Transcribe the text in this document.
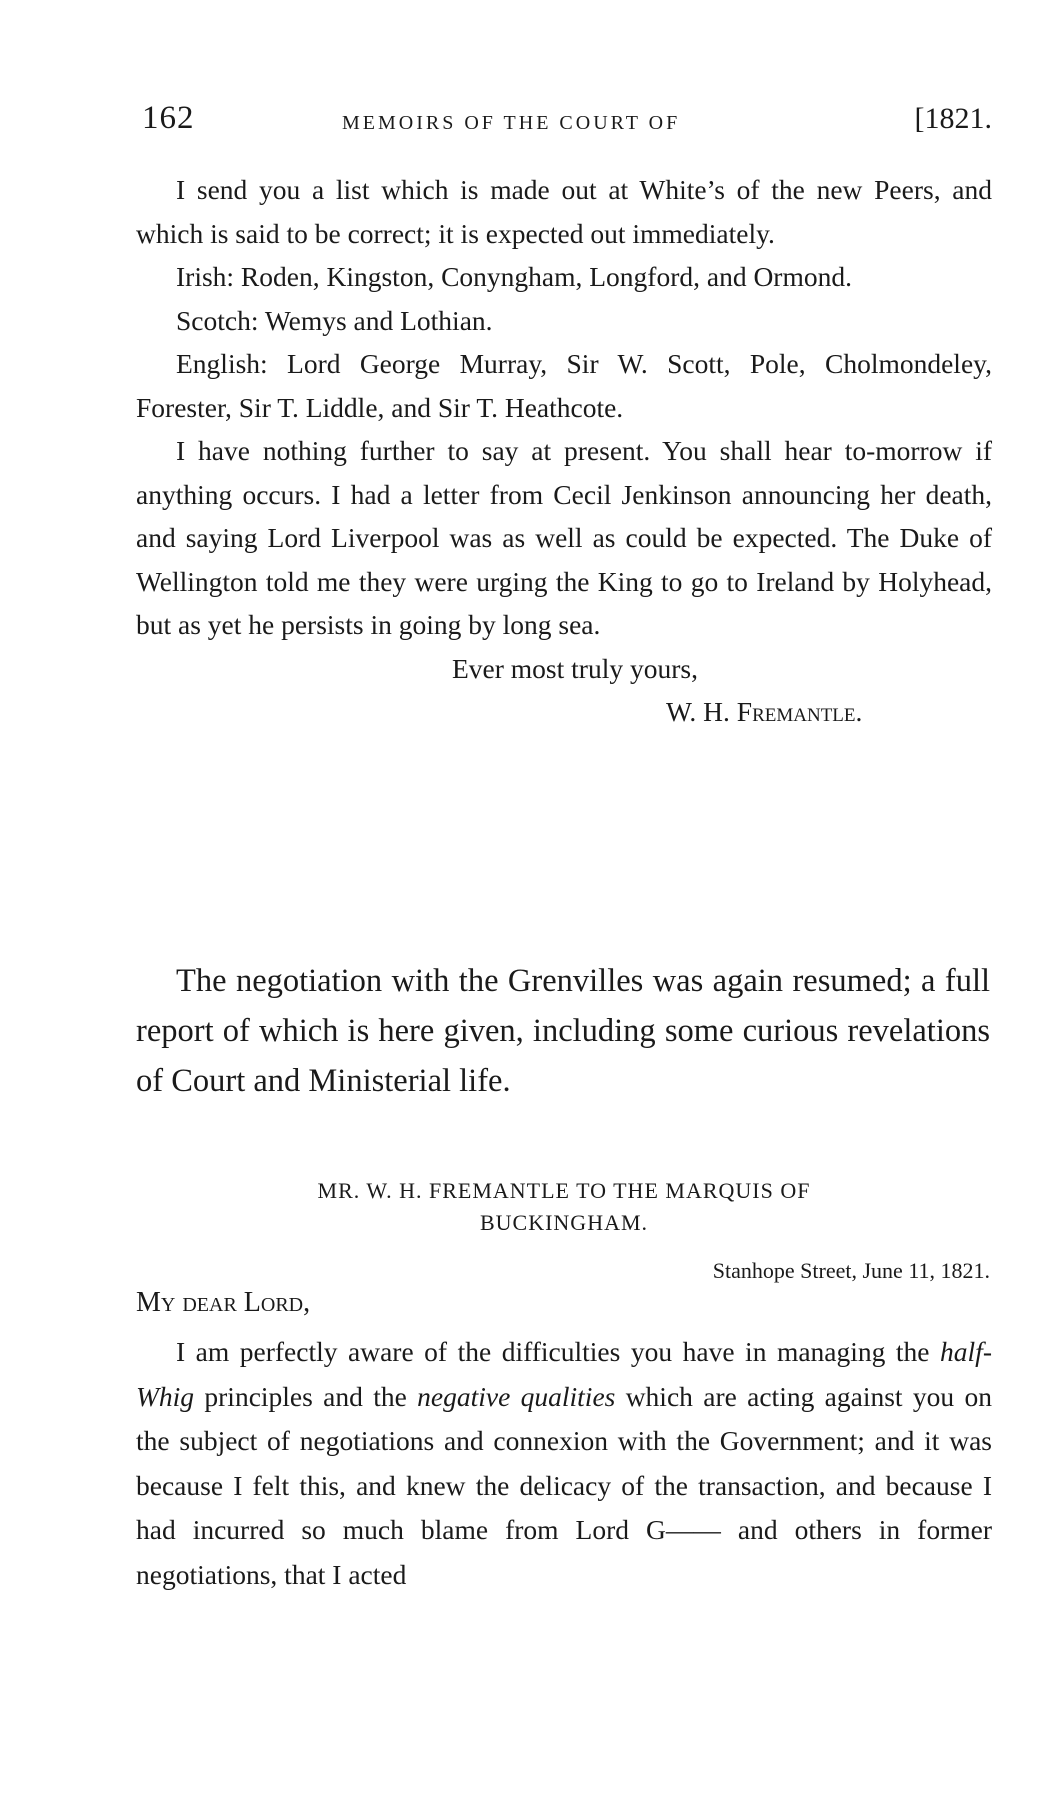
162	MEMOIRS OF THE COURT OF	[1821.

I send you a list which is made out at White’s of the new Peers, and which is said to be correct; it is expected out immediately.

Irish: Roden, Kingston, Conyngham, Longford, and Ormond.

Scotch: Wemys and Lothian.

English: Lord George Murray, Sir W. Scott, Pole, Cholmondeley, Forester, Sir T. Liddle, and Sir T. Heathcote.

I have nothing further to say at present. You shall hear to-morrow if anything occurs. I had a letter from Cecil Jenkinson announcing her death, and saying Lord Liverpool was as well as could be expected. The Duke of Wellington told me they were urging the King to go to Ireland by Holyhead, but as yet he persists in going by long sea.

Ever most truly yours,

W. H. Fremantle.

The negotiation with the Grenvilles was again resumed; a full report of which is here given, including some curious revelations of Court and Ministerial life.

MR. W. H. FREMANTLE TO THE MARQUIS OF
BUCKINGHAM.
Stanhope Street, June 11, 1821.
My dear Lord,

I am perfectly aware of the difficulties you have in managing the half-Whig principles and the negative qualities which are acting against you on the subject of negotiations and connexion with the Government; and it was because I felt this, and knew the delicacy of the transaction, and because I had incurred so much blame from Lord G—— and others in former negotiations, that I acted
